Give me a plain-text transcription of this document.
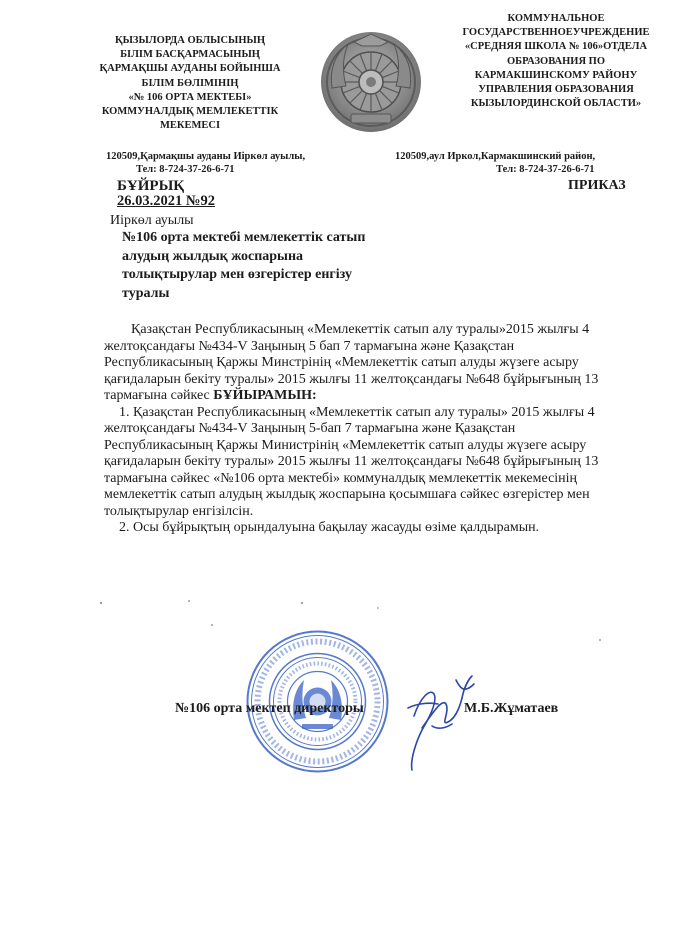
ҚЫЗЫЛОРДА ОБЛЫСЫНЫҢ
БІЛІМ БАСҚАРМАСЫНЫҢ
ҚАРМАҚШЫ АУДАНЫ БОЙЫНША
БІЛІМ БӨЛІМІНІҢ
«№ 106 ОРТА МЕКТЕБІ»
КОММУНАЛДЫҚ МЕМЛЕКЕТТІК
МЕКЕМЕСІ
КОММУНАЛЬНОЕ
ГОСУДАРСТВЕННОЕУЧРЕЖДЕНИЕ
«СРЕДНЯЯ ШКОЛА № 106»ОТДЕЛА
ОБРАЗОВАНИЯ ПО
КАРМАКШИНСКОМУ РАЙОНУ
УПРАВЛЕНИЯ ОБРАЗОВАНИЯ
КЫЗЫЛОРДИНСКОЙ ОБЛАСТИ»
120509,Қармақшы ауданы Иіркөл ауылы,
Тел: 8-724-37-26-6-71
120509,аул Иркол,Кармакшинский район,
Тел: 8-724-37-26-6-71
БҰЙРЫҚ	ПРИКАЗ
26.03.2021 №92
Иіркөл ауылы
№106 орта мектебі мемлекеттік сатып алудың жылдық жоспарына толықтырулар мен өзгерістер енгізу туралы

Қазақстан Республикасының «Мемлекеттік сатып алу туралы»2015 жылғы 4 желтоқсандағы №434-V Заңының 5 бап 7 тармағына және Қазақстан Республикасының Қаржы Минстрінің «Мемлекеттік сатып алуды жүзеге асыру қағидаларын бекіту туралы» 2015 жылғы 11 желтоқсандағы №648 бұйрығының 13 тармағына сәйкес БҰЙЫРАМЫН:

1. Қазақстан Республикасының «Мемлекеттік сатып алу туралы» 2015 жылғы 4 желтоқсандағы №434-V Заңының 5-бап 7 тармағына және Қазақстан Республикасының Қаржы Министрінің «Мемлекеттік сатып алуды жүзеге асыру қағидаларын бекіту туралы» 2015 жылғы 11 желтоқсандағы №648 бұйрығының 13 тармағына сәйкес «№106 орта мектебі» коммуналдық мемлекеттік мекемесінің мемлекеттік сатып алудың жылдық жоспарына қосымшаға сәйкес өзгерістер мен толықтырулар енгізілсін.

2. Осы бұйрықтың орындалуына бақылау жасауды өзіме қалдырамын.

№106 орта мектеп директоры	М.Б.Жұматаев
